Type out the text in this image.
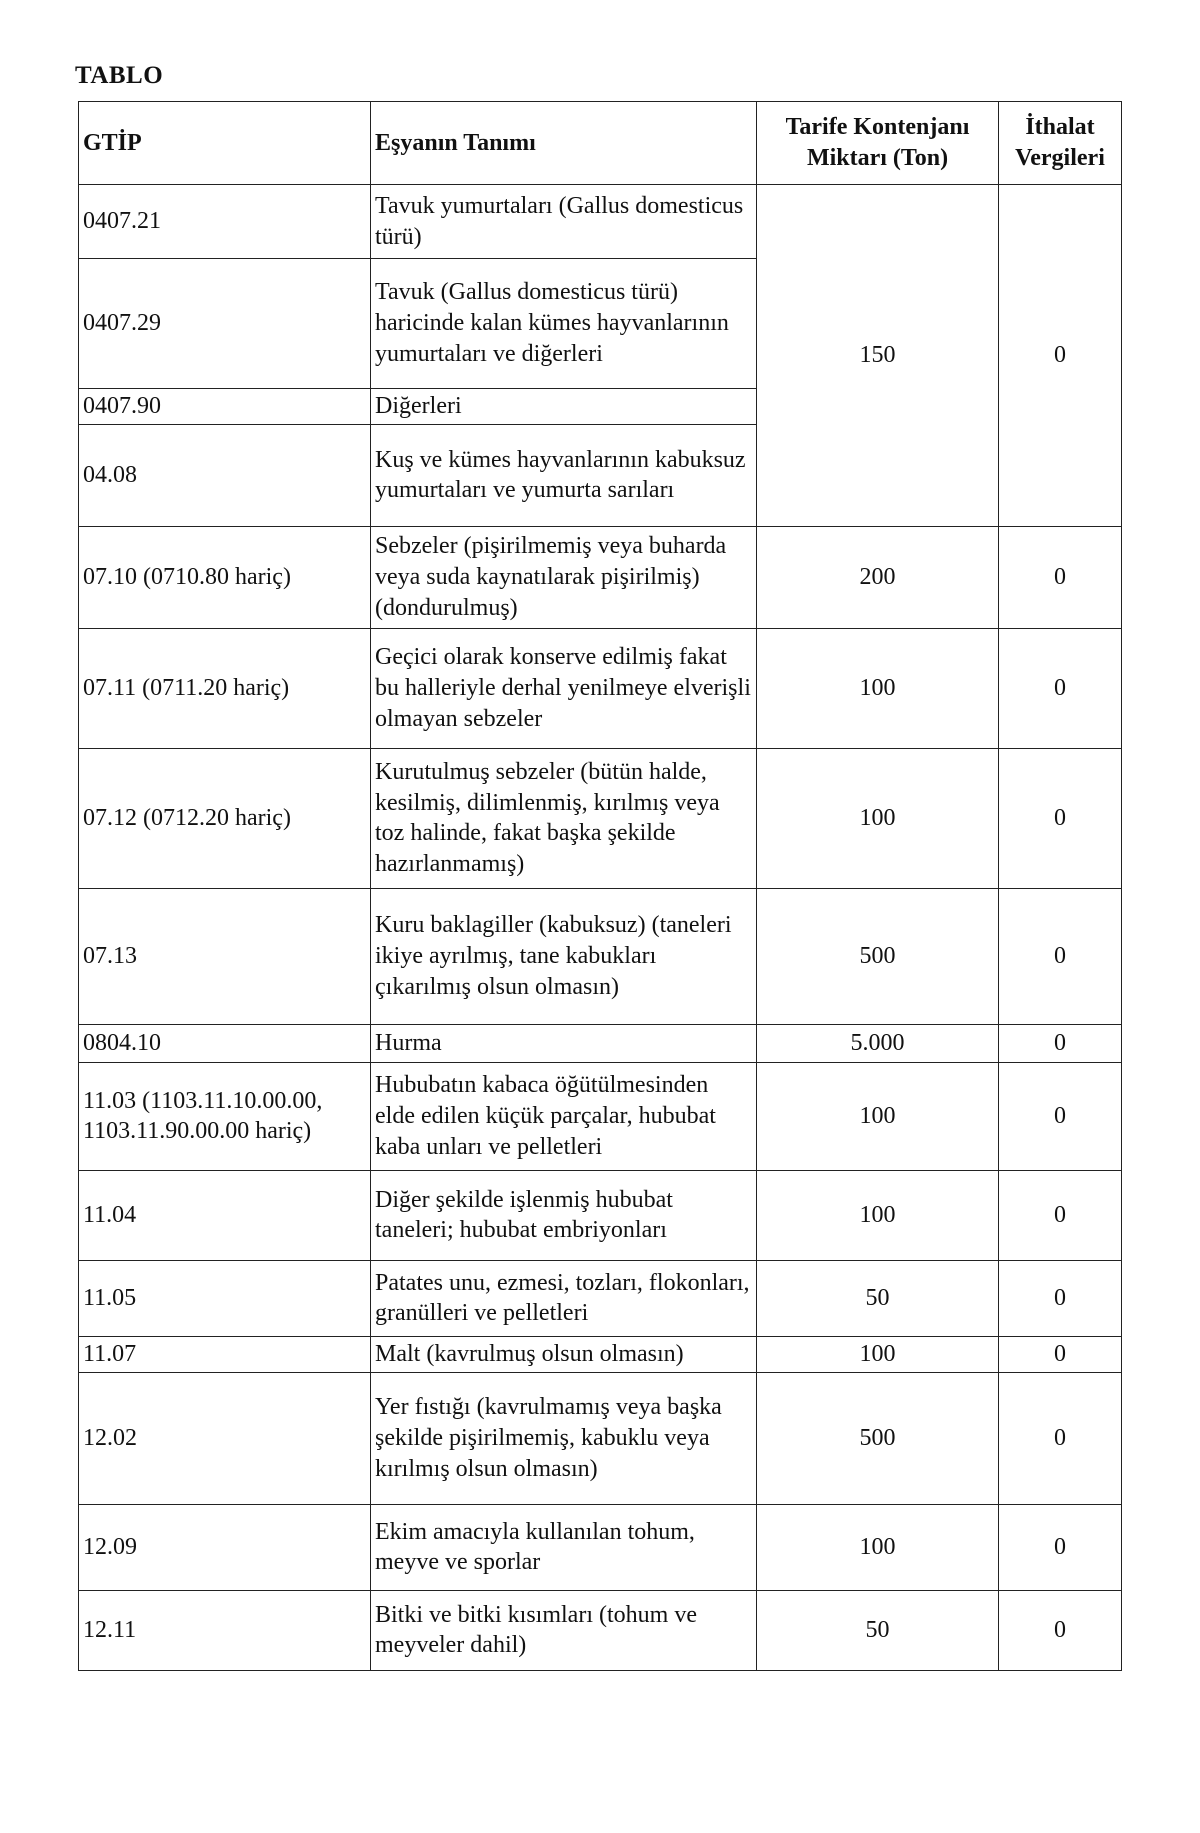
TABLO
GTİP	Eşyanın Tanımı	Tarife Kontenjanı Miktarı (Ton)	İthalat Vergileri
0407.21	Tavuk yumurtaları (Gallus domesticus türü)	150	0
0407.29	Tavuk (Gallus domesticus türü) haricinde kalan kümes hayvanlarının yumurtaları ve diğerleri		
0407.90	Diğerleri		
04.08	Kuş ve kümes hayvanlarının kabuksuz yumurtaları ve yumurta sarıları		
07.10 (0710.80 hariç)	Sebzeler (pişirilmemiş veya buharda veya suda kaynatılarak pişirilmiş) (dondurulmuş)	200	0
07.11 (0711.20 hariç)	Geçici olarak konserve edilmiş fakat bu halleriyle derhal yenilmeye elverişli olmayan sebzeler	100	0
07.12 (0712.20 hariç)	Kurutulmuş sebzeler (bütün halde, kesilmiş, dilimlenmiş, kırılmış veya toz halinde, fakat başka şekilde hazırlanmamış)	100	0
07.13	Kuru baklagiller (kabuksuz) (taneleri ikiye ayrılmış, tane kabukları çıkarılmış olsun olmasın)	500	0
0804.10	Hurma	5.000	0
11.03 (1103.11.10.00.00, 1103.11.90.00.00 hariç)	Hububatın kabaca öğütülmesinden elde edilen küçük parçalar, hububat kaba unları ve pelletleri	100	0
11.04	Diğer şekilde işlenmiş hububat taneleri; hububat embriyonları	100	0
11.05	Patates unu, ezmesi, tozları, flokonları, granülleri ve pelletleri	50	0
11.07	Malt (kavrulmuş olsun olmasın)	100	0
12.02	Yer fıstığı (kavrulmamış veya başka şekilde pişirilmemiş, kabuklu veya kırılmış olsun olmasın)	500	0
12.09	Ekim amacıyla kullanılan tohum, meyve ve sporlar	100	0
12.11	Bitki ve bitki kısımları (tohum ve meyveler dahil)	50	0
